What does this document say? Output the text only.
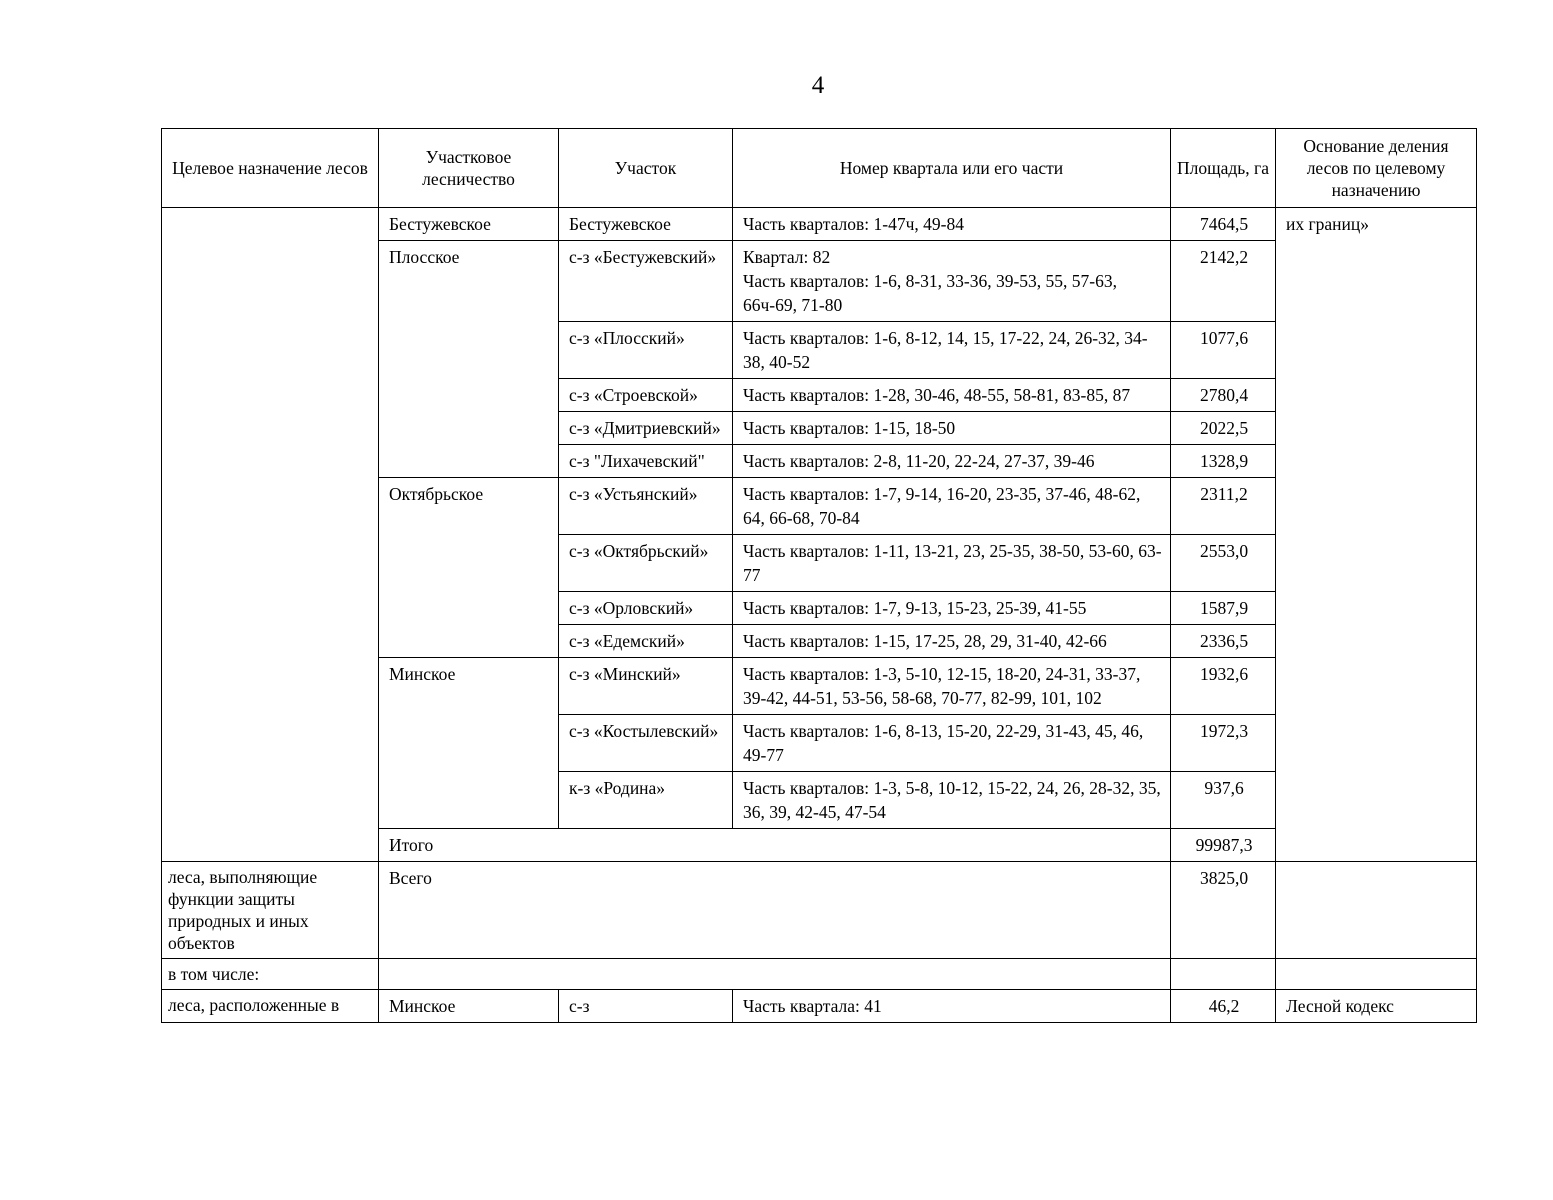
4
Целевое назначение лесов	Участковое лесничество	Участок	Номер квартала или его части	Площадь, га	Основание деления лесов по целевому назначению
	Бестужевское	Бестужевское	Часть кварталов: 1-47ч, 49-84	7464,5	их границ»
	Плосское	с-з «Бестужевский»	Квартал: 82
Часть кварталов: 1-6, 8-31, 33-36, 39-53, 55, 57-63, 66ч-69, 71-80	2142,2	
		с-з «Плосский»	Часть кварталов: 1-6, 8-12, 14, 15, 17-22, 24, 26-32, 34-38, 40-52	1077,6	
		с-з «Строевской»	Часть кварталов: 1-28, 30-46, 48-55, 58-81, 83-85, 87	2780,4	
		с-з «Дмитриевский»	Часть кварталов: 1-15, 18-50	2022,5	
		с-з "Лихачевский"	Часть кварталов: 2-8, 11-20, 22-24, 27-37, 39-46	1328,9	
	Октябрьское	с-з «Устьянский»	Часть кварталов: 1-7, 9-14, 16-20, 23-35, 37-46, 48-62, 64, 66-68, 70-84	2311,2	
		с-з «Октябрьский»	Часть кварталов: 1-11, 13-21, 23, 25-35, 38-50, 53-60, 63-77	2553,0	
		с-з «Орловский»	Часть кварталов: 1-7, 9-13, 15-23, 25-39, 41-55	1587,9	
		с-з «Едемский»	Часть кварталов: 1-15, 17-25, 28, 29, 31-40, 42-66	2336,5	
	Минское	с-з «Минский»	Часть кварталов: 1-3, 5-10, 12-15, 18-20, 24-31, 33-37, 39-42, 44-51, 53-56, 58-68, 70-77, 82-99, 101, 102	1932,6	
		с-з «Костылевский»	Часть кварталов: 1-6, 8-13, 15-20, 22-29, 31-43, 45, 46, 49-77	1972,3	
		к-з «Родина»	Часть кварталов: 1-3, 5-8, 10-12, 15-22, 24, 26, 28-32, 35, 36, 39, 42-45, 47-54	937,6	
	Итого			99987,3	
леса, выполняющие функции защиты природных и иных объектов	Всего			3825,0	
в том числе:					
леса, расположенные в	Минское	с-з	Часть квартала: 41	46,2	Лесной кодекс
